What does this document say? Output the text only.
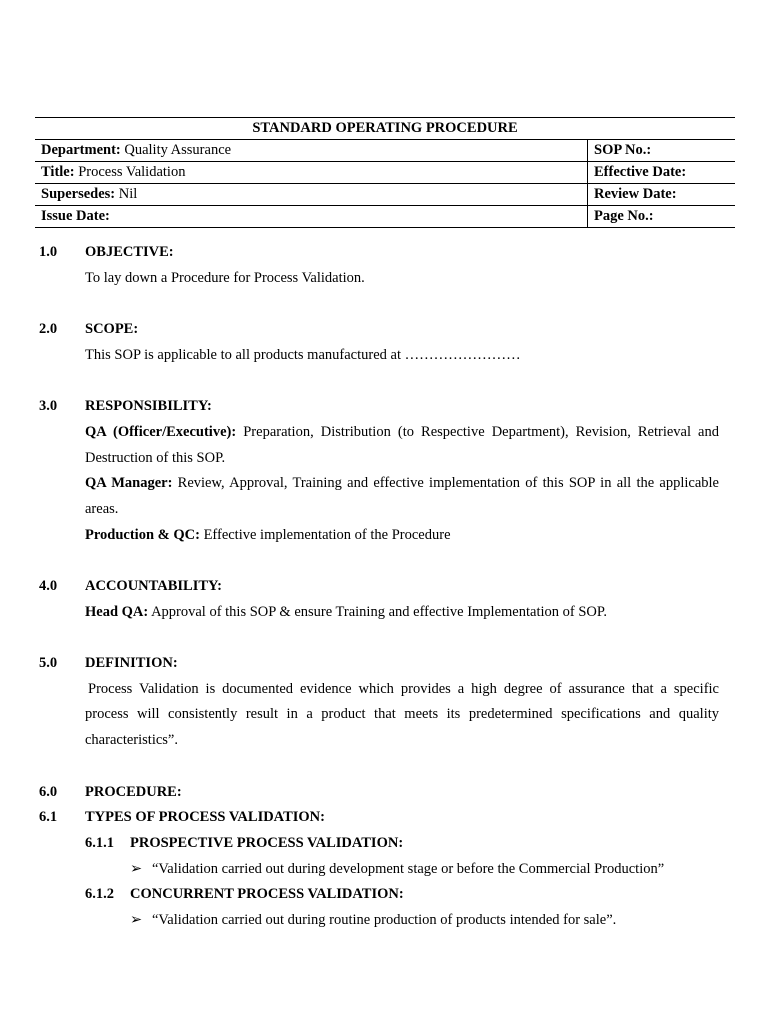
STANDARD OPERATING PROCEDURE	
Department: Quality Assurance	SOP No.:
Title: Process Validation	Effective Date:
Supersedes: Nil	Review Date:
Issue Date:	Page No.:
1.0 OBJECTIVE:
To lay down a Procedure for Process Validation.
2.0 SCOPE:
This SOP is applicable to all products manufactured at ……………………
3.0 RESPONSIBILITY:
QA (Officer/Executive): Preparation, Distribution (to Respective Department), Revision, Retrieval and Destruction of this SOP.
QA Manager: Review, Approval, Training and effective implementation of this SOP in all the applicable areas.
Production & QC: Effective implementation of the Procedure
4.0 ACCOUNTABILITY:
Head QA: Approval of this SOP & ensure Training and effective Implementation of SOP.
5.0 DEFINITION:
Process Validation is documented evidence which provides a high degree of assurance that a specific process will consistently result in a product that meets its predetermined specifications and quality characteristics”.
6.0 PROCEDURE:
6.1 TYPES OF PROCESS VALIDATION:
6.1.1 PROSPECTIVE PROCESS VALIDATION:
➢ “Validation carried out during development stage or before the Commercial Production”
6.1.2 CONCURRENT PROCESS VALIDATION:
➢ “Validation carried out during routine production of products intended for sale”.
